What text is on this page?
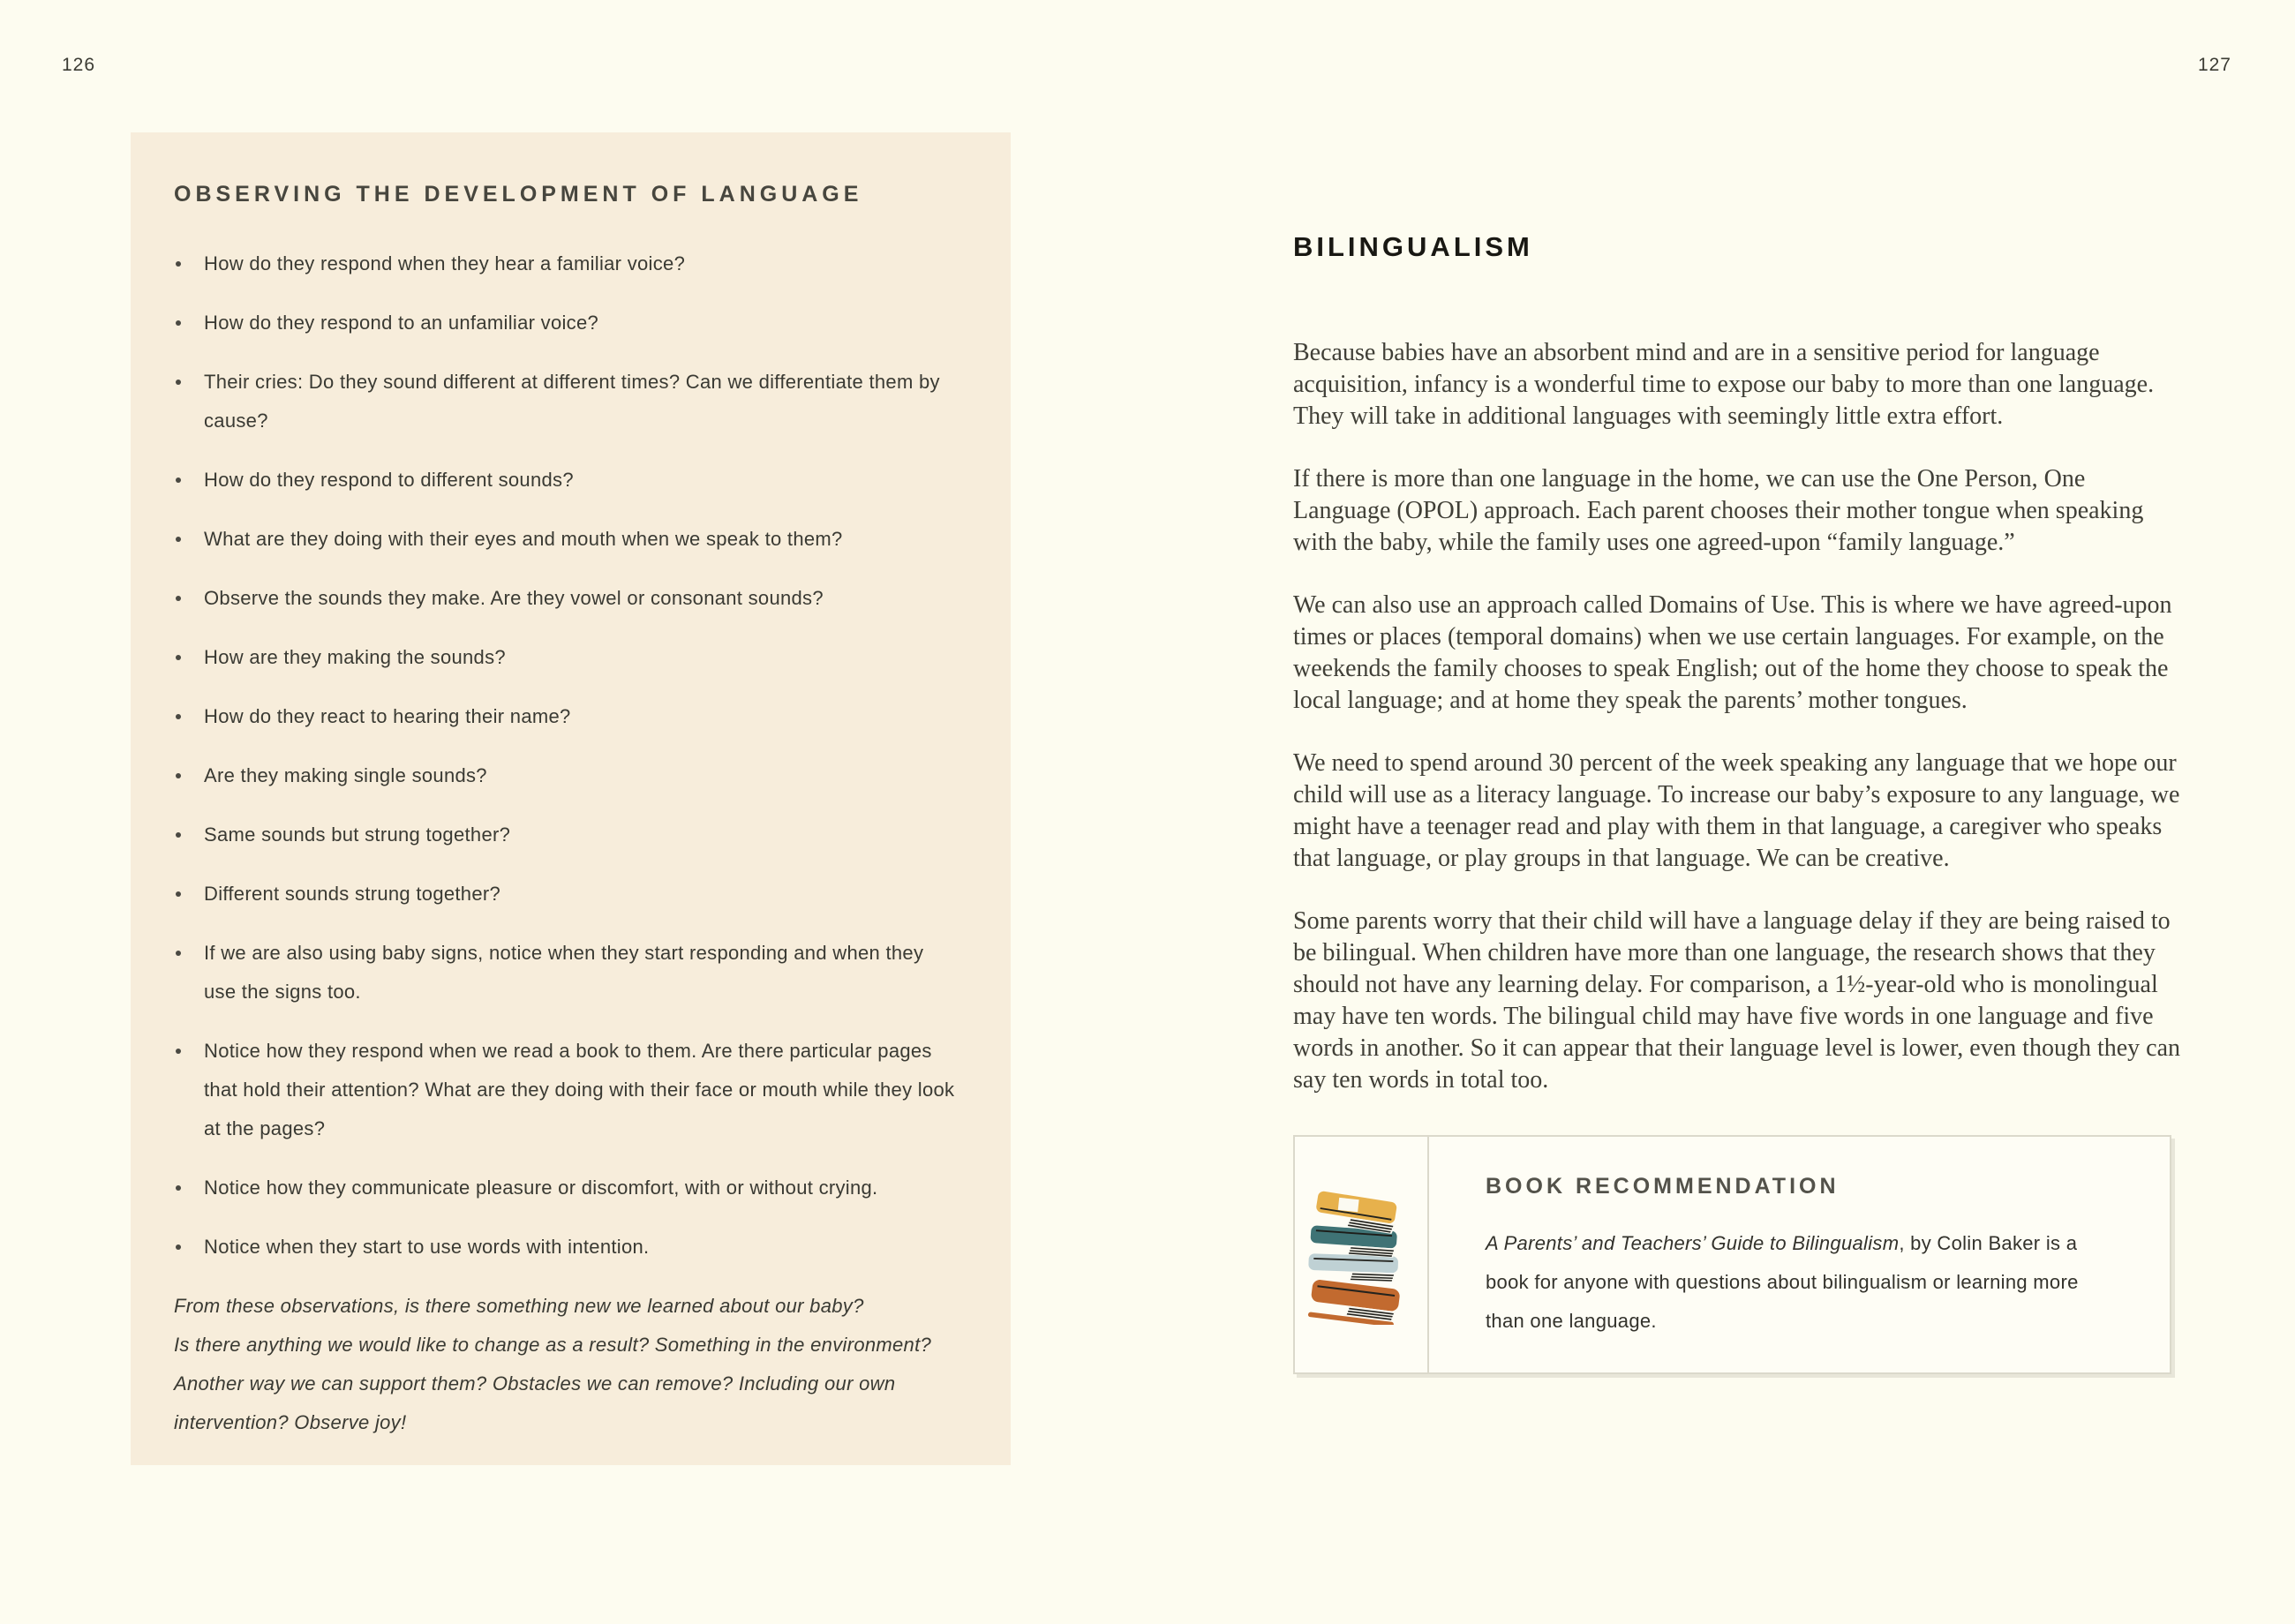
126	127
OBSERVING THE DEVELOPMENT OF LANGUAGE
How do they respond when they hear a familiar voice?
How do they respond to an unfamiliar voice?
Their cries: Do they sound different at different times? Can we differentiate them by cause?
How do they respond to different sounds?
What are they doing with their eyes and mouth when we speak to them?
Observe the sounds they make. Are they vowel or consonant sounds?
How are they making the sounds?
How do they react to hearing their name?
Are they making single sounds?
Same sounds but strung together?
Different sounds strung together?
If we are also using baby signs, notice when they start responding and when they use the signs too.
Notice how they respond when we read a book to them. Are there particular pages that hold their attention? What are they doing with their face or mouth while they look at the pages?
Notice how they communicate pleasure or discomfort, with or without crying.
Notice when they start to use words with intention.
From these observations, is there something new we learned about our baby?
Is there anything we would like to change as a result? Something in the environment?
Another way we can support them? Obstacles we can remove? Including our own
intervention? Observe joy!
BILINGUALISM

Because babies have an absorbent mind and are in a sensitive period for language acquisition, infancy is a wonderful time to expose our baby to more than one language. They will take in additional languages with seemingly little extra effort.

If there is more than one language in the home, we can use the One Person, One Language (OPOL) approach. Each parent chooses their mother tongue when speaking with the baby, while the family uses one agreed-upon “family language.”

We can also use an approach called Domains of Use. This is where we have agreed-upon times or places (temporal domains) when we use certain languages. For example, on the weekends the family chooses to speak English; out of the home they choose to speak the local language; and at home they speak the parents’ mother tongues.

We need to spend around 30 percent of the week speaking any language that we hope our child will use as a literacy language. To increase our baby’s exposure to any language, we might have a teenager read and play with them in that language, a caregiver who speaks that language, or play groups in that language. We can be creative.

Some parents worry that their child will have a language delay if they are being raised to be bilingual. When children have more than one language, the research shows that they should not have any learning delay. For comparison, a 1½-year-old who is monolingual may have ten words. The bilingual child may have five words in one language and five words in another. So it can appear that their language level is lower, even though they can say ten words in total too.

BOOK RECOMMENDATION
A Parents’ and Teachers’ Guide to Bilingualism, by Colin Baker is a book for anyone with questions about bilingualism or learning more than one language.
